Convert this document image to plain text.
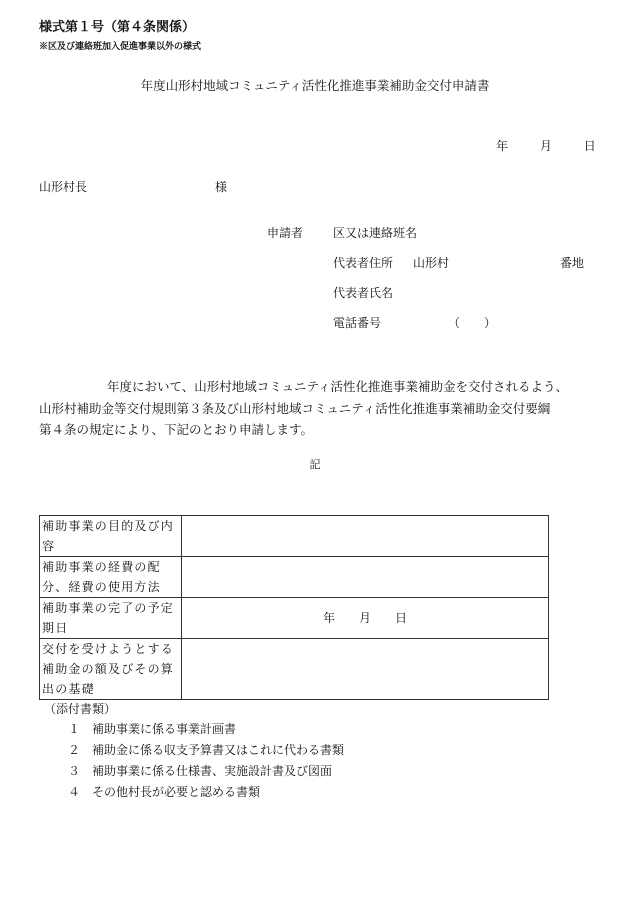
様式第１号（第４条関係）
※区及び連絡班加入促進事業以外の様式
年度山形村地域コミュニティ活性化推進事業補助金交付申請書
年	月	日
山形村長	様
申請者 区又は連絡班名
代表者住所 山形村	番地
代表者氏名
電話番号	（　　）

年度において、山形村地域コミュニティ活性化推進事業補助金を交付されるよう、

山形村補助金等交付規則第３条及び山形村地域コミュニティ活性化推進事業補助金交付要綱

第４条の規定により、下記のとおり申請します。

記
補助事業の目的及び内容	
補助事業の経費の配分、経費の使用方法	
補助事業の完了の予定期日	年　　月　　日
交付を受けようとする補助金の額及びその算出の基礎	
（添付書類）
１ 補助事業に係る事業計画書
２ 補助金に係る収支予算書又はこれに代わる書類
３ 補助事業に係る仕様書、実施設計書及び図面
４ その他村長が必要と認める書類
